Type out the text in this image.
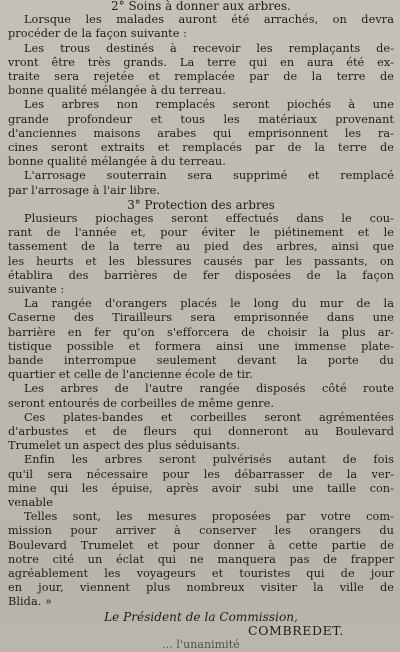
2° Soins à donner aux arbres.
Lorsque les malades auront été arrachés, on devra
procéder de la façon suivante :
Les trous destinés à recevoir les remplaçants de-
vront être très grands. La terre qui en aura été ex-
traite sera rejetée et remplacée par de la terre de
bonne qualité mélangée à du terreau.
Les arbres non remplacés seront piochés à une
grande profondeur et tous les matériaux provenant
d'anciennes maisons arabes qui emprisonnent les ra-
cines seront extraits et remplacés par de la terre de
bonne qualité mélangée à du terreau.
L'arrosage souterrain sera supprimé et remplacé
par l'arrosage à l'air libre.
3° Protection des arbres
Plusieurs piochages seront effectués dans le cou-
rant de l'année et, pour éviter le piétinement et le
tassement de la terre au pied des arbres, ainsi que
les heurts et les blessures causés par les passants, on
établira des barrières de fer disposées de la façon
suivante :
La rangée d'orangers placés le long du mur de la
Caserne des Tirailleurs sera emprisonnée dans une
barrière en fer qu'on s'efforcera de choisir la plus ar-
tistique possible et formera ainsi une immense plate-
bande interrompue seulement devant la porte du
quartier et celle de l'ancienne école de tir.
Les arbres de l'autre rangée disposés côté route
seront entourés de corbeilles de même genre.
Ces plates-bandes et corbeilles seront agrémentées
d'arbustes et de fleurs qui donneront au Boulevard
Trumelet un aspect des plus séduisants.
Enfin les arbres seront pulvérisés autant de fois
qu'il sera nécessaire pour les débarrasser de la ver-
mine qui les épuise, après avoir subi une taille con-
venable
Telles sont, les mesures proposées par votre com-
mission pour arriver à conserver les orangers du
Boulevard Trumelet et pour donner à cette partie de
notre cité un éclat qui ne manquera pas de frapper
agréablement les voyageurs et touristes qui de jour
en jour, viennent plus nombreux visiter la ville de
Blida. »
Le Président de la Commission,
COMBREDET.
... l'unanimité
